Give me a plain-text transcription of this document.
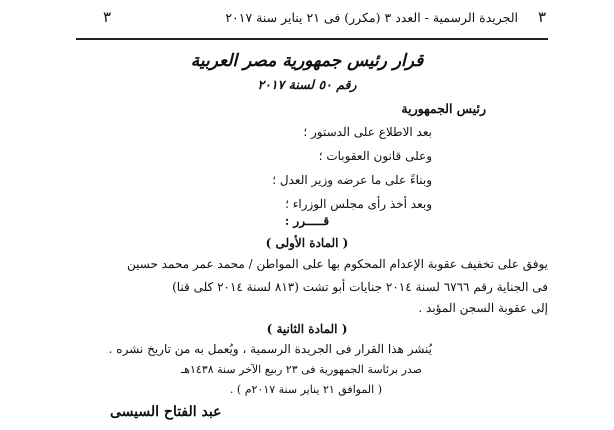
٣
الجريدة الرسمية - العدد ٣ (مكرر) فى ٢١ يناير سنة ٢٠١٧
٣
قرار رئيس جمهورية مصر العربية
رقم ٥٠ لسنة ٢٠١٧
رئيس الجمهورية
بعد الاطلاع على الدستور ؛
وعلى قانون العقوبات ؛
وبناءً على ما عرضه وزير العدل ؛
وبعد أخذ رأى مجلس الوزراء ؛
قـــــرر :
( المادة الأولى )
يوفق على تخفيف عقوبة الإعدام المحكوم بها على المواطن / محمد عمر محمد حسين
فى الجناية رقم ٦٧٦٦ لسنة ٢٠١٤ جنايات أبو تشت (٨١٣ لسنة ٢٠١٤ كلى قنا)
إلى عقوبة السجن المؤبد .
( المادة الثانية )
يُنشر هذا القرار فى الجريدة الرسمية ، ويُعمل به من تاريخ نشره .
صدر برئاسة الجمهورية فى ٢٣ ربيع الآخر سنة ١٤٣٨هـ
( الموافق ٢١ يناير سنة ٢٠١٧م ) .
عبد الفتاح السيسى
